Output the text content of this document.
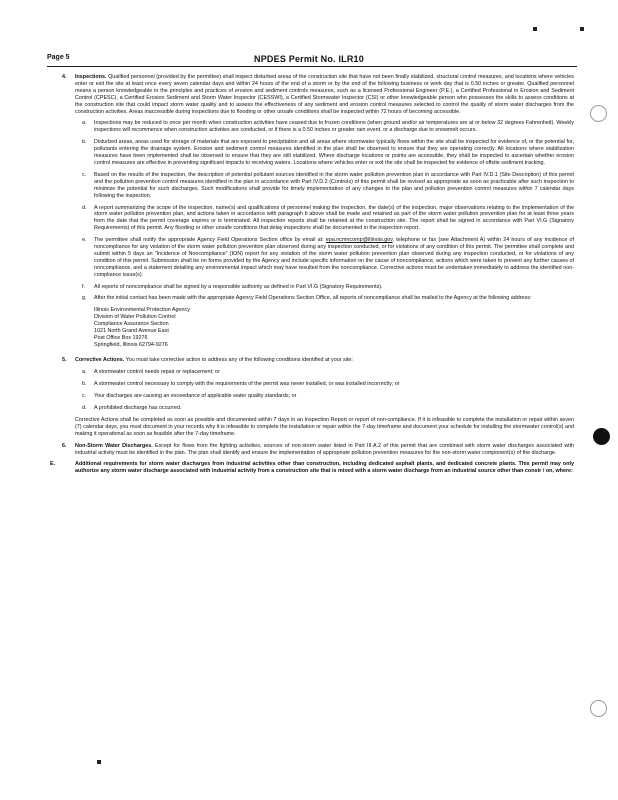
Page 5	NPDES Permit No. ILR10
4. Inspections. Qualified personnel (provided by the permittee) shall inspect disturbed areas of the construction site that have not been finally stabilized, structural control measures, and locations where vehicles enter or exit the site at least once every seven calendar days and within 24 hours of the end of a storm or by the end of the following business or work day that is 0.50 inches or greater. Qualified personnel means a person knowledgeable in the principles and practices of erosion and sediment controls measures, such as a licensed Professional Engineer (P.E.), a Certified Professional in Erosion and Sediment Control (CPESC), a Certified Erosion Sediment and Storm Water Inspector (CESSWI), a Certified Stormwater Inspector (CSI) or other knowledgeable person who possesses the skills to assess conditions at the construction site that could impact storm water quality and to assess the effectiveness of any sediment and erosion control measures selected to control the quality of storm water discharges from the construction activities. Areas inaccessible during inspections due to flooding or other unsafe conditions shall be inspected within 72 hours of becoming accessible.
a. Inspections may be reduced to once per month when construction activities have ceased due to frozen conditions (when ground and/or air temperatures are at or below 32 degrees Fahrenheit). Weekly inspections will recommence when construction activities are conducted, or if there is a 0.50 inches or greater rain event, or a discharge due to snowmelt occurs.
b. Disturbed areas, areas used for storage of materials that are exposed to precipitation and all areas where stormwater typically flows within the site shall be inspected for evidence of, or the potential for, pollutants entering the drainage system. Erosion and sediment control measures identified in the plan shall be observed to ensure that they are operating correctly. All locations where stabilization measures have been implemented shall be observed to ensure that they are still stabilized. Where discharge locations or points are accessible, they shall be inspected to ascertain whether erosion control measures are effective in preventing significant impacts to receiving waters. Locations where vehicles enter or exit the site shall be inspected for evidence of offsite sediment tracking.
c. Based on the results of the inspection, the description of potential pollutant sources identified in the storm water pollution prevention plan in accordance with Part IV.D.1 (Site Description) of this permit and the pollution prevention control measures identified in the plan in accordance with Part IV.D.2 (Controls) of this permit shall be revised as appropriate as soon as practicable after such inspection to minimize the potential for such discharges. Such modifications shall provide for timely implementation of any changes to the plan and pollution prevention control measures within 7 calendar days following the inspection.
d. A report summarizing the scope of the inspection, name(s) and qualifications of personnel making the inspection, the date(s) of the inspection, major observations relating to the implementation of the storm water pollution prevention plan, and actions taken in accordance with paragraph b above shall be made and retained as part of the storm water pollution prevention plan for at least three years from the date that the permit coverage expires or is terminated. All inspection reports shall be retained at the construction site. The report shall be signed in accordance with Part VI.G (Signatory Requirements) of this permit. Any flooding or other unsafe conditions that delay inspections shall be documented in the inspection report.
e. The permittee shall notify the appropriate Agency Field Operations Section office by email at: epa.ncmncomp@illinois.gov, telephone or fax (see Attachment A) within 24 hours of any incidence of noncompliance for any violation of the storm water pollution prevention plan observed during any inspection conducted, or for violations of any condition of this permit. The permittee shall complete and submit within 5 days an "Incidence of Noncompliance" (ION) report for any violation of the storm water pollution prevention plan observed during any inspection conducted, or for violations of any condition of this permit. Submission shall be on forms provided by the Agency and include specific information on the cause of noncompliance, actions which were taken to prevent any further causes of noncompliance, and a statement detailing any environmental impact which may have resulted from the noncompliance. Corrective actions must be undertaken immediately to address the identified non-compliance issue(s).
f. All reports of noncompliance shall be signed by a responsible authority as defined in Part VI.G (Signatory Requirements).
g. After the initial contact has been made with the appropriate Agency Field Operations Section Office, all reports of noncompliance shall be mailed to the Agency at the following address:
Illinois Environmental Protection Agency
Division of Water Pollution Control
Compliance Assurance Section
1021 North Grand Avenue East
Post Office Box 19276
Springfield, Illinois 62794-9276
5. Corrective Actions. You must take corrective action to address any of the following conditions identified at your site:
a. A stormwater control needs repair or replacement; or
b. A stormwater control necessary to comply with the requirements of the permit was never installed, or was installed incorrectly; or
c. Your discharges are causing an exceedance of applicable water quality standards; or
d. A prohibited discharge has occurred.
Corrective Actions shall be completed as soon as possible and documented within 7 days in an Inspection Report or report of non-compliance. If it is infeasible to complete the installation or repair within seven (7) calendar days, you must document in your records why it is infeasible to complete the installation or repair within the 7-day timeframe and document your schedule for installing the stormwater control(s) and making it operational as soon as feasible after the 7-day timeframe.
6. Non-Storm Water Discharges. Except for flows from fire fighting activities, sources of non-storm water listed in Part III.A.2 of this permit that are combined with storm water discharges associated with industrial activity must be identified in the plan. The plan shall identify and ensure the implementation of appropriate pollution prevention measures for the non-storm water component(s) of the discharge.
E.	Additional requirements for storm water discharges from industrial activities other than construction, including dedicated asphalt plants, and dedicated concrete plants. This permit may only authorize any storm water discharge associated with industrial activity from a construction site that is mixed with a storm water discharge from an industrial source other than constr / on, where:
